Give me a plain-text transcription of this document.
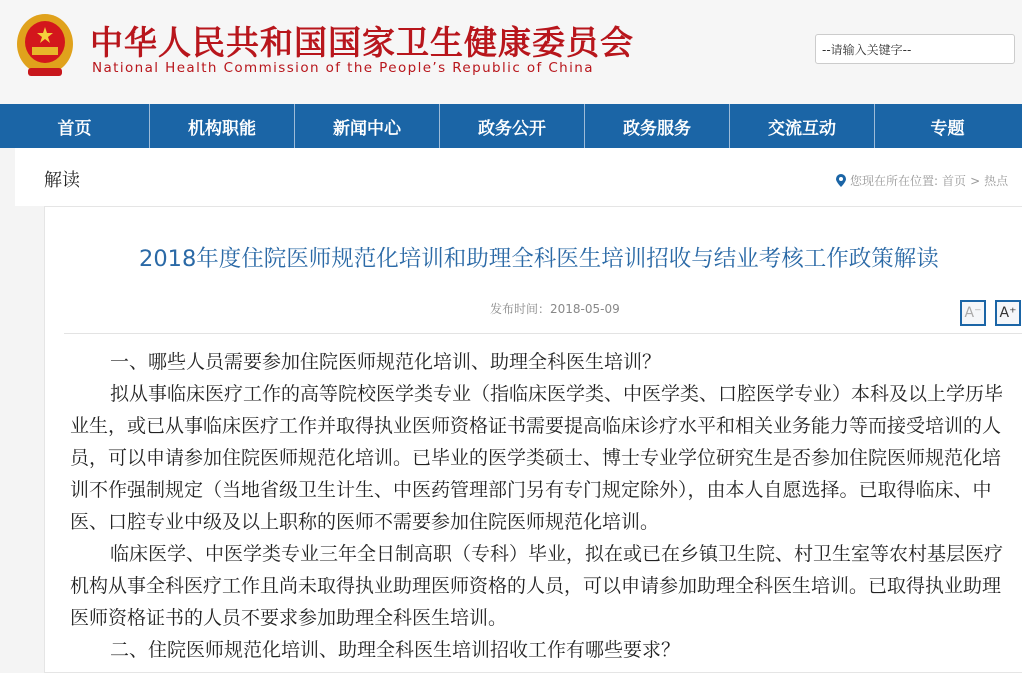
中华人民共和国国家卫生健康委员会
National Health Commission of the People’s Republic of China
--请输入关键字--
首页	机构职能	新闻中心	政务公开	政务服务	交流互动	专题
解读	您现在所在位置: 首页 > 热点
2018年度住院医师规范化培训和助理全科医生培训招收与结业考核工作政策解读
发布时间：2018-05-09	A⁻	A⁺

一、哪些人员需要参加住院医师规范化培训、助理全科医生培训？

拟从事临床医疗工作的高等院校医学类专业（指临床医学类、中医学类、口腔医学专业）本科及以上学历毕业生，或已从事临床医疗工作并取得执业医师资格证书需要提高临床诊疗水平和相关业务能力等而接受培训的人员，可以申请参加住院医师规范化培训。已毕业的医学类硕士、博士专业学位研究生是否参加住院医师规范化培训不作强制规定（当地省级卫生计生、中医药管理部门另有专门规定除外），由本人自愿选择。已取得临床、中医、口腔专业中级及以上职称的医师不需要参加住院医师规范化培训。

临床医学、中医学类专业三年全日制高职（专科）毕业，拟在或已在乡镇卫生院、村卫生室等农村基层医疗机构从事全科医疗工作且尚未取得执业助理医师资格的人员，可以申请参加助理全科医生培训。已取得执业助理医师资格证书的人员不要求参加助理全科医生培训。

二、住院医师规范化培训、助理全科医生培训招收工作有哪些要求？
